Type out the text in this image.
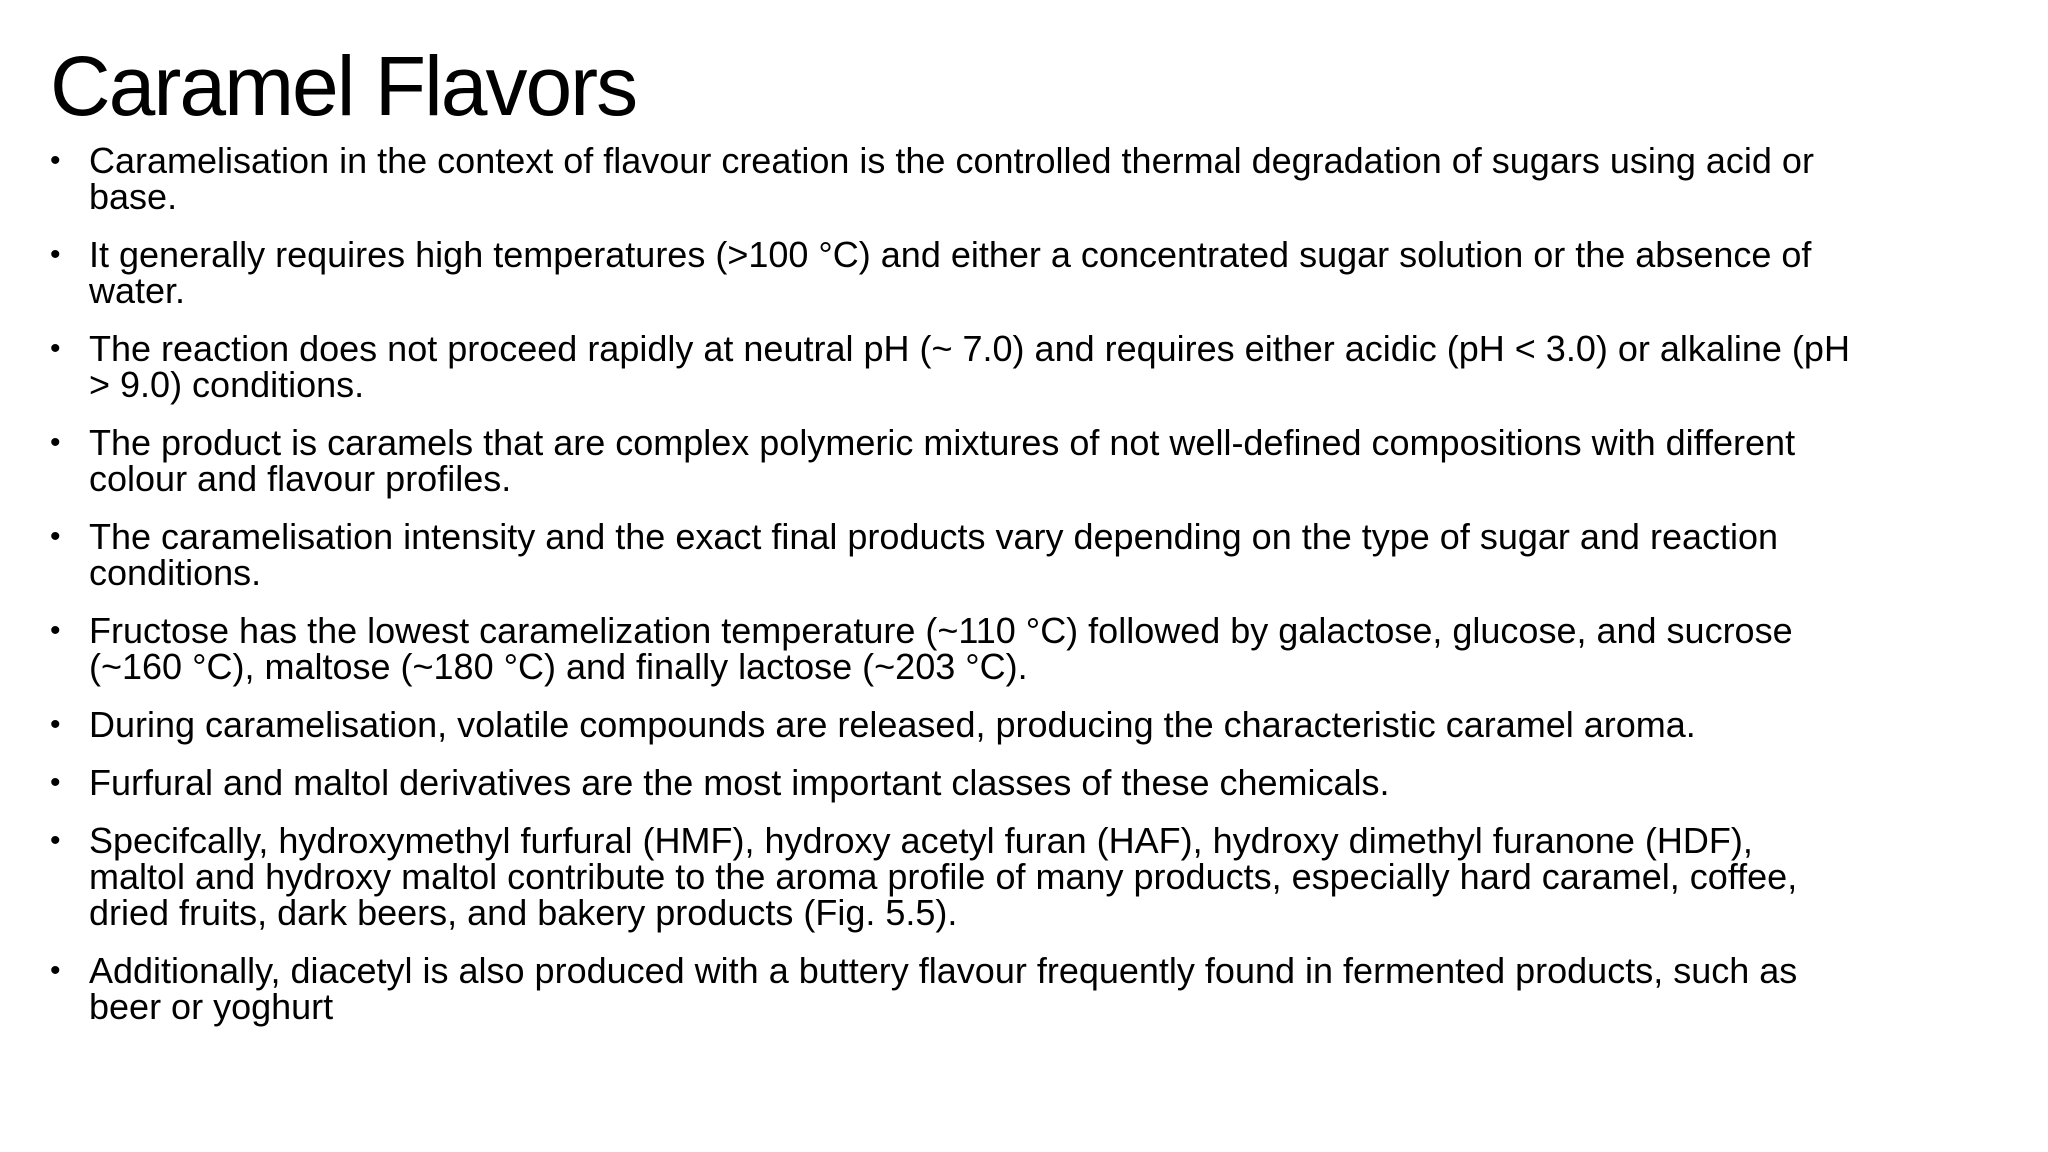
Caramel Flavors
• Caramelisation in the context of flavour creation is the controlled thermal degradation of sugars using acid or base.
• It generally requires high temperatures (>100 °C) and either a concentrated sugar solution or the absence of water.
• The reaction does not proceed rapidly at neutral pH (~ 7.0) and requires either acidic (pH < 3.0) or alkaline (pH > 9.0) conditions.
• The product is caramels that are complex polymeric mixtures of not well-defined compositions with different colour and flavour profiles.
• The caramelisation intensity and the exact final products vary depending on the type of sugar and reaction conditions.
• Fructose has the lowest caramelization temperature (~110 °C) followed by galactose, glucose, and sucrose (~160 °C), maltose (~180 °C) and finally lactose (~203 °C).
• During caramelisation, volatile compounds are released, producing the characteristic caramel aroma.
• Furfural and maltol derivatives are the most important classes of these chemicals.
• Specifcally, hydroxymethyl furfural (HMF), hydroxy acetyl furan (HAF), hydroxy dimethyl furanone (HDF), maltol and hydroxy maltol contribute to the aroma profile of many products, especially hard caramel, coffee, dried fruits, dark beers, and bakery products (Fig. 5.5).
• Additionally, diacetyl is also produced with a buttery flavour frequently found in fermented products, such as beer or yoghurt
